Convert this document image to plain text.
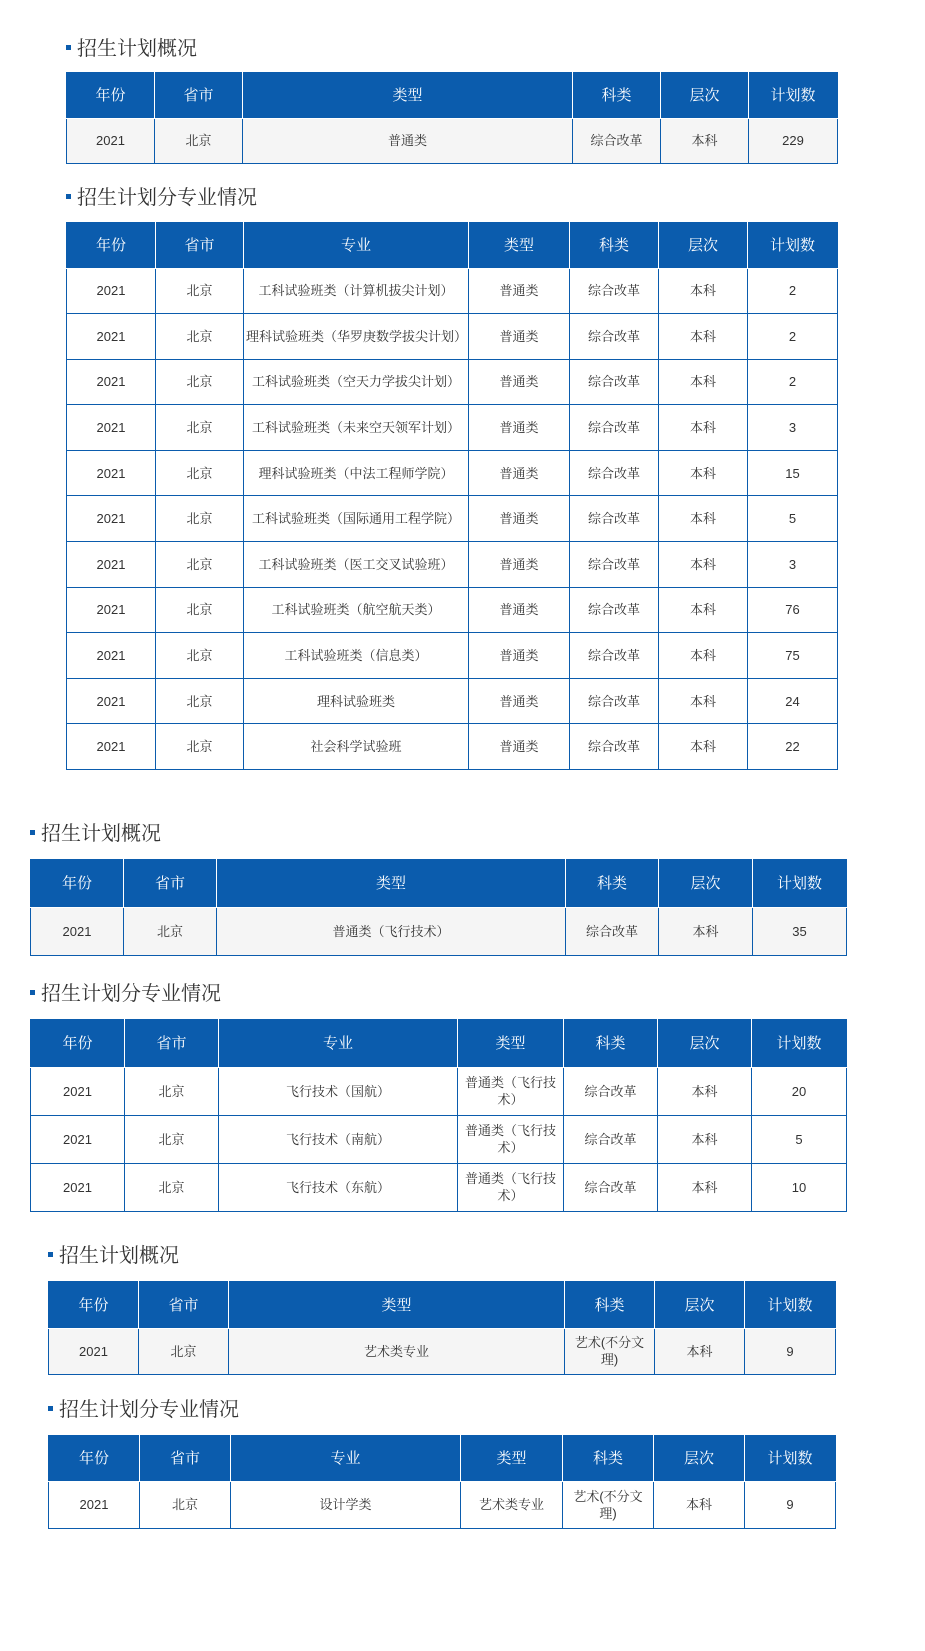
招生计划概况
年份	省市	类型	科类	层次	计划数
2021	北京	普通类	综合改革	本科	229
招生计划分专业情况
年份	省市	专业	类型	科类	层次	计划数
2021	北京	工科试验班类（计算机拔尖计划）	普通类	综合改革	本科	2
2021	北京	理科试验班类（华罗庚数学拔尖计划）	普通类	综合改革	本科	2
2021	北京	工科试验班类（空天力学拔尖计划）	普通类	综合改革	本科	2
2021	北京	工科试验班类（未来空天领军计划）	普通类	综合改革	本科	3
2021	北京	理科试验班类（中法工程师学院）	普通类	综合改革	本科	15
2021	北京	工科试验班类（国际通用工程学院）	普通类	综合改革	本科	5
2021	北京	工科试验班类（医工交叉试验班）	普通类	综合改革	本科	3
2021	北京	工科试验班类（航空航天类）	普通类	综合改革	本科	76
2021	北京	工科试验班类（信息类）	普通类	综合改革	本科	75
2021	北京	理科试验班类	普通类	综合改革	本科	24
2021	北京	社会科学试验班	普通类	综合改革	本科	22
招生计划概况
年份	省市	类型	科类	层次	计划数
2021	北京	普通类（飞行技术）	综合改革	本科	35
招生计划分专业情况
年份	省市	专业	类型	科类	层次	计划数
2021	北京	飞行技术（国航）	普通类（飞行技术）	综合改革	本科	20
2021	北京	飞行技术（南航）	普通类（飞行技术）	综合改革	本科	5
2021	北京	飞行技术（东航）	普通类（飞行技术）	综合改革	本科	10
招生计划概况
年份	省市	类型	科类	层次	计划数
2021	北京	艺术类专业	艺术(不分文理)	本科	9
招生计划分专业情况
年份	省市	专业	类型	科类	层次	计划数
2021	北京	设计学类	艺术类专业	艺术(不分文理)	本科	9
